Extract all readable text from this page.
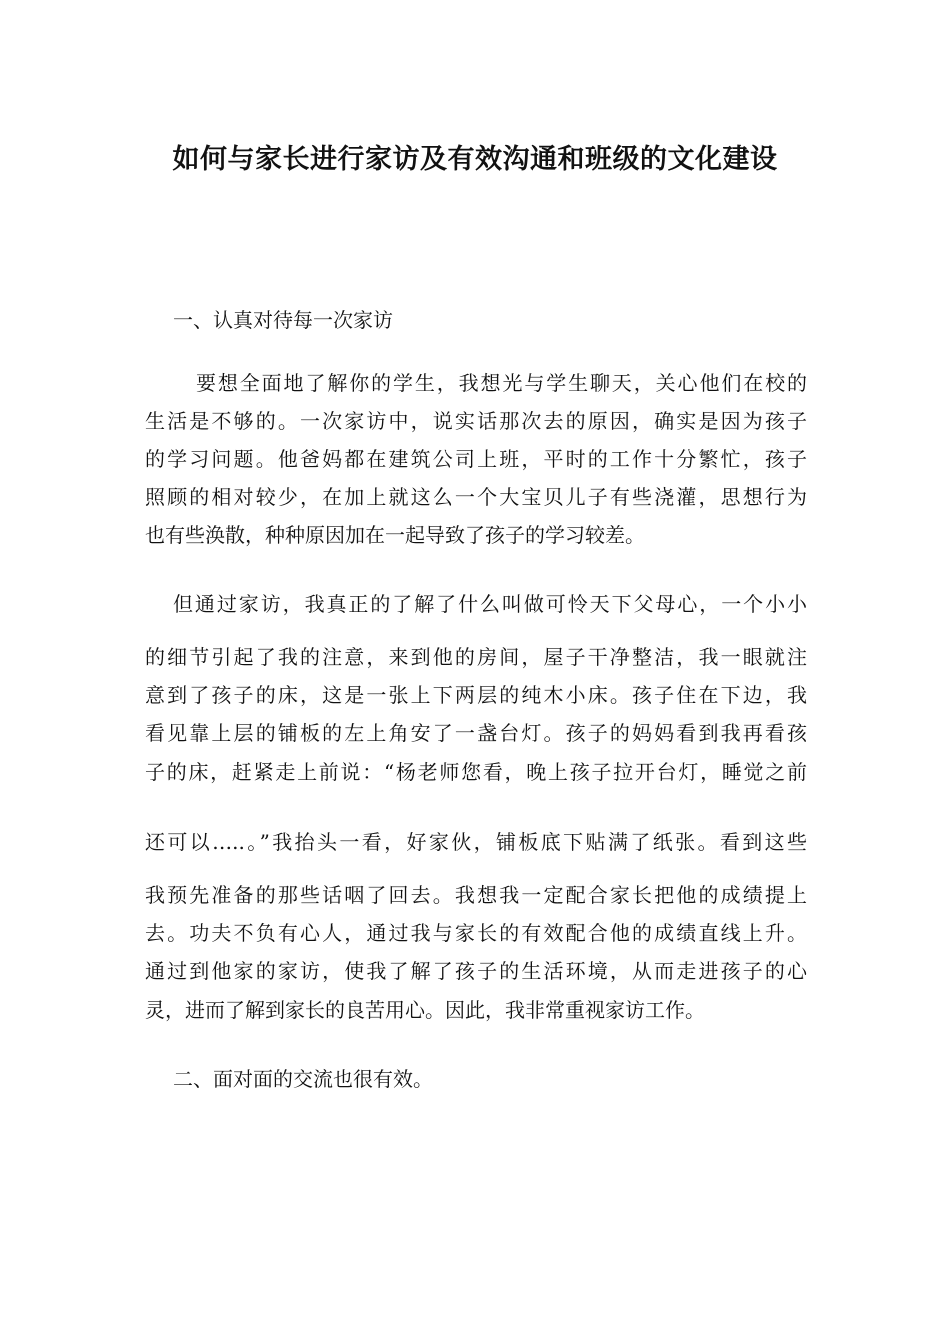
如何与家长进行家访及有效沟通和班级的文化建设

一、认真对待每一次家访

要想全面地了解你的学生，我想光与学生聊天，关心他们在校的

生活是不够的。一次家访中，说实话那次去的原因，确实是因为孩子

的学习问题。他爸妈都在建筑公司上班，平时的工作十分繁忙，孩子

照顾的相对较少，在加上就这么一个大宝贝儿子有些浇灌，思想行为

也有些涣散，种种原因加在一起导致了孩子的学习较差。

但通过家访，我真正的了解了什么叫做可怜天下父母心，一个小小

的细节引起了我的注意，来到他的房间，屋子干净整洁，我一眼就注

意到了孩子的床，这是一张上下两层的纯木小床。孩子住在下边，我

看见靠上层的铺板的左上角安了一盏台灯。孩子的妈妈看到我再看孩

子的床，赶紧走上前说：“杨老师您看，晚上孩子拉开台灯，睡觉之前

还可以…..。”我抬头一看，好家伙，铺板底下贴满了纸张。看到这些

我预先准备的那些话咽了回去。我想我一定配合家长把他的成绩提上

去。功夫不负有心人，通过我与家长的有效配合他的成绩直线上升。

通过到他家的家访，使我了解了孩子的生活环境，从而走进孩子的心

灵，进而了解到家长的良苦用心。因此，我非常重视家访工作。

二、面对面的交流也很有效。
